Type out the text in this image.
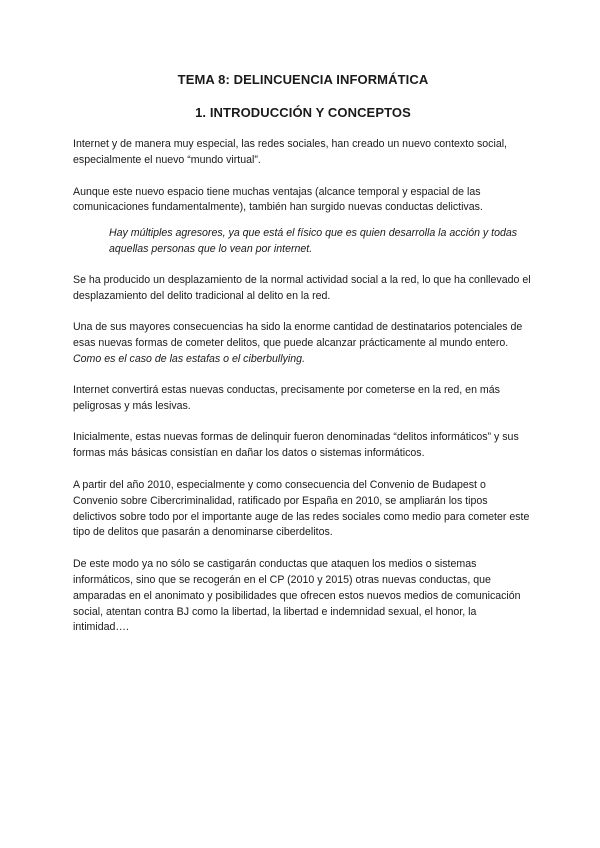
TEMA 8: DELINCUENCIA INFORMÁTICA
1. INTRODUCCIÓN Y CONCEPTOS

Internet y de manera muy especial, las redes sociales, han creado un nuevo contexto social, especialmente el nuevo “mundo virtual”.

Aunque este nuevo espacio tiene muchas ventajas (alcance temporal y espacial de las comunicaciones fundamentalmente), también han surgido nuevas conductas delictivas.

Hay múltiples agresores, ya que está el físico que es quien desarrolla la acción y todas aquellas personas que lo vean por internet.

Se ha producido un desplazamiento de la normal actividad social a la red, lo que ha conllevado el desplazamiento del delito tradicional al delito en la red.

Una de sus mayores consecuencias ha sido la enorme cantidad de destinatarios potenciales de esas nuevas formas de cometer delitos, que puede alcanzar prácticamente al mundo entero. Como es el caso de las estafas o el ciberbullying.

Internet convertirá estas nuevas conductas, precisamente por cometerse en la red, en más peligrosas y más lesivas.

Inicialmente, estas nuevas formas de delinquir fueron denominadas “delitos informáticos” y sus formas más básicas consistían en dañar los datos o sistemas informáticos.

A partir del año 2010, especialmente y como consecuencia del Convenio de Budapest o Convenio sobre Cibercriminalidad, ratificado por España en 2010, se ampliarán los tipos delictivos sobre todo por el importante auge de las redes sociales como medio para cometer este tipo de delitos que pasarán a denominarse ciberdelitos.

De este modo ya no sólo se castigarán conductas que ataquen los medios o sistemas informáticos, sino que se recogerán en el CP (2010 y 2015) otras nuevas conductas, que amparadas en el anonimato y posibilidades que ofrecen estos nuevos medios de comunicación social, atentan contra BJ como la libertad, la libertad e indemnidad sexual, el honor, la intimidad….
